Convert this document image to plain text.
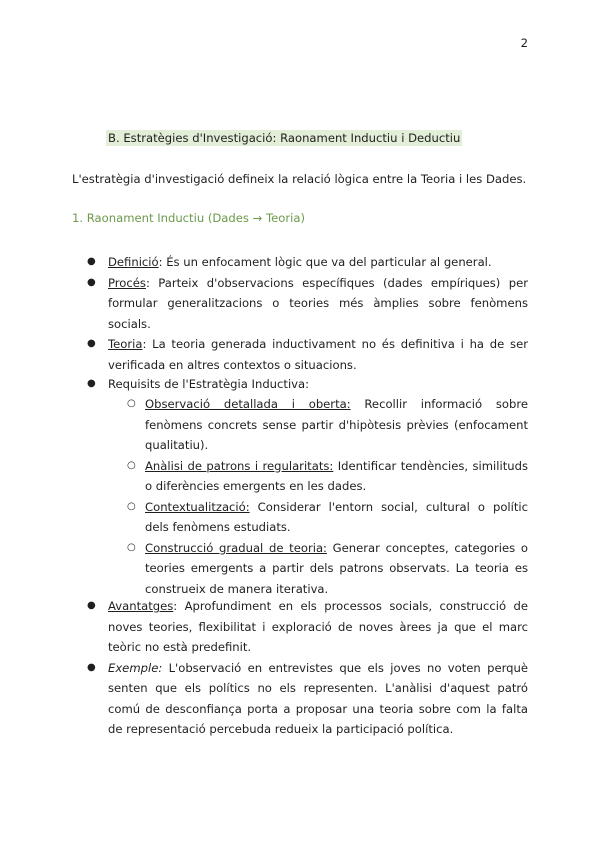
2
B. Estratègies d'Investigació: Raonament Inductiu i Deductiu
L'estratègia d'investigació defineix la relació lògica entre la Teoria i les Dades.
1. Raonament Inductiu (Dades → Teoria)
● Definició: És un enfocament lògic que va del particular al general.
● Procés: Parteix d'observacions específiques (dades empíriques) per formular generalitzacions o teories més àmplies sobre fenòmens socials.
● Teoria: La teoria generada inductivament no és definitiva i ha de ser verificada en altres contextos o situacions.
● Requisits de l'Estratègia Inductiva:
○ Observació detallada i oberta: Recollir informació sobre fenòmens concrets sense partir d'hipòtesis prèvies (enfocament qualitatiu).
○ Anàlisi de patrons i regularitats: Identificar tendències, similituds o diferències emergents en les dades.
○ Contextualització: Considerar l'entorn social, cultural o polític dels fenòmens estudiats.
○ Construcció gradual de teoria: Generar conceptes, categories o teories emergents a partir dels patrons observats. La teoria es construeix de manera iterativa.
● Avantatges: Aprofundiment en els processos socials, construcció de noves teories, flexibilitat i exploració de noves àrees ja que el marc teòric no està predefinit.
● Exemple: L'observació en entrevistes que els joves no voten perquè senten que els polítics no els representen. L'anàlisi d'aquest patró comú de desconfiança porta a proposar una teoria sobre com la falta de representació percebuda redueix la participació política.
